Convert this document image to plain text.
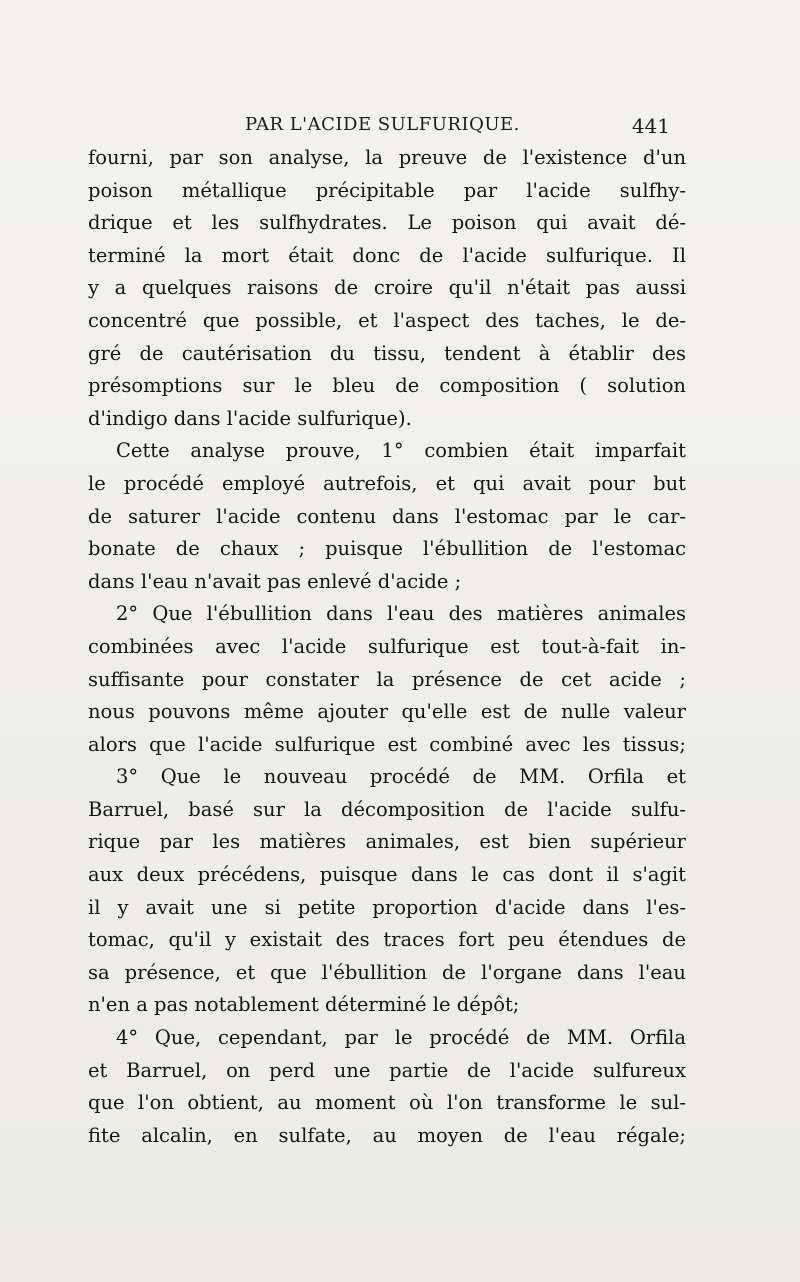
PAR L'ACIDE SULFURIQUE.	441
fourni, par son analyse, la preuve de l'existence d'un
poison métallique précipitable par l'acide sulfhy-
drique et les sulfhydrates. Le poison qui avait dé-
terminé la mort était donc de l'acide sulfurique. Il
y a quelques raisons de croire qu'il n'était pas aussi
concentré que possible, et l'aspect des taches, le de-
gré de cautérisation du tissu, tendent à établir des
présomptions sur le bleu de composition ( solution
d'indigo dans l'acide sulfurique).
Cette analyse prouve, 1° combien était imparfait
le procédé employé autrefois, et qui avait pour but
de saturer l'acide contenu dans l'estomac par le car-
bonate de chaux ; puisque l'ébullition de l'estomac
dans l'eau n'avait pas enlevé d'acide ;
2° Que l'ébullition dans l'eau des matières animales
combinées avec l'acide sulfurique est tout-à-fait in-
suffisante pour constater la présence de cet acide ;
nous pouvons même ajouter qu'elle est de nulle valeur
alors que l'acide sulfurique est combiné avec les tissus;
3° Que le nouveau procédé de MM. Orfila et
Barruel, basé sur la décomposition de l'acide sulfu-
rique par les matières animales, est bien supérieur
aux deux précédens, puisque dans le cas dont il s'agit
il y avait une si petite proportion d'acide dans l'es-
tomac, qu'il y existait des traces fort peu étendues de
sa présence, et que l'ébullition de l'organe dans l'eau
n'en a pas notablement déterminé le dépôt;
4° Que, cependant, par le procédé de MM. Orfila
et Barruel, on perd une partie de l'acide sulfureux
que l'on obtient, au moment où l'on transforme le sul-
fite alcalin, en sulfate, au moyen de l'eau régale;
